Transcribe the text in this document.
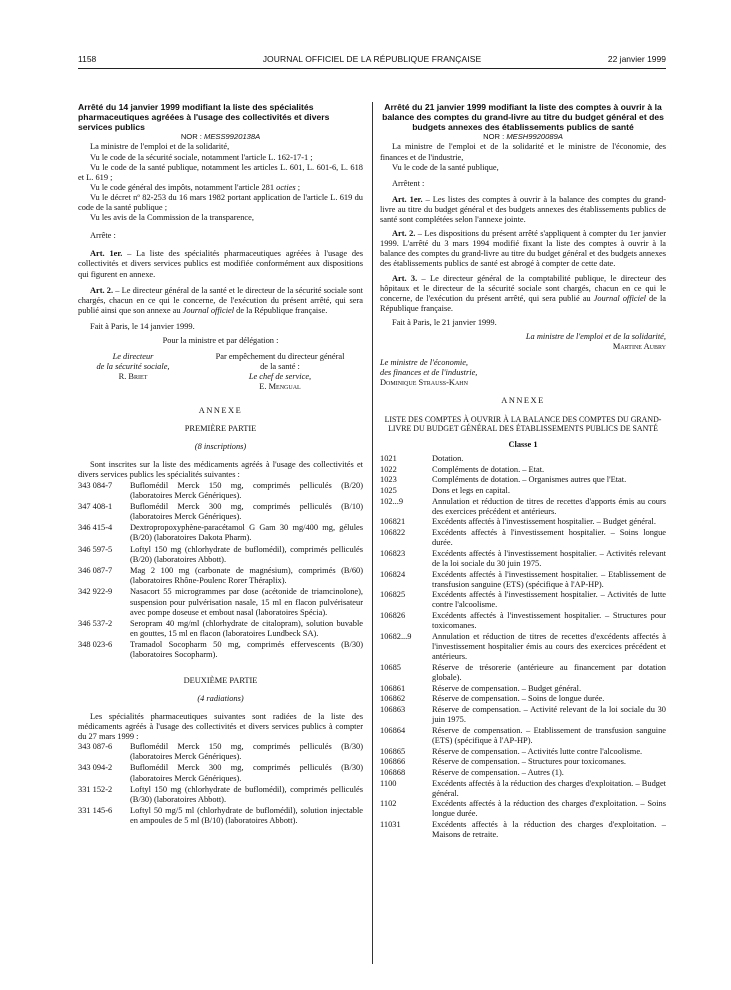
1158	JOURNAL OFFICIEL DE LA RÉPUBLIQUE FRANÇAISE	22 janvier 1999

Arrêté du 14 janvier 1999 modifiant la liste des spécialités pharmaceutiques agréées à l'usage des collectivités et divers services publics

NOR : MESS9920138A

La ministre de l'emploi et de la solidarité,

Vu le code de la sécurité sociale, notamment l'article L. 162-17-1 ;

Vu le code de la santé publique, notamment les articles L. 601, L. 601-6, L. 618 et L. 619 ;

Vu le code général des impôts, notamment l'article 281 octies ;

Vu le décret nº 82-253 du 16 mars 1982 portant application de l'article L. 619 du code de la santé publique ;

Vu les avis de la Commission de la transparence,

Arrête :

Art. 1er. – La liste des spécialités pharmaceutiques agréées à l'usage des collectivités et divers services publics est modifiée conformément aux dispositions qui figurent en annexe.

Art. 2. – Le directeur général de la santé et le directeur de la sécurité sociale sont chargés, chacun en ce qui le concerne, de l'exécution du présent arrêté, qui sera publié ainsi que son annexe au Journal officiel de la République française.

Fait à Paris, le 14 janvier 1999.

Pour la ministre et par délégation :

Le directeur
de la sécurité sociale,
R. Briet
Par empêchement du directeur général
de la santé :
Le chef de service,
E. Mengual

ANNEXE

PREMIÈRE PARTIE

(8 inscriptions)

Sont inscrites sur la liste des médicaments agréés à l'usage des collectivités et divers services publics les spécialités suivantes :

343 084-7	Buflomédil Merck 150 mg, comprimés pelliculés (B/20) (laboratoires Merck Génériques).
347 408-1	Buflomédil Merck 300 mg, comprimés pelliculés (B/10) (laboratoires Merck Génériques).
346 415-4	Dextropropoxyphène-paracétamol G Gam 30 mg/400 mg, gélules (B/20) (laboratoires Dakota Pharm).
346 597-5	Loftyl 150 mg (chlorhydrate de buflomédil), comprimés pelliculés (B/20) (laboratoires Abbott).
346 087-7	Mag 2 100 mg (carbonate de magnésium), comprimés (B/60) (laboratoires Rhône-Poulenc Rorer Théraplix).
342 922-9	Nasacort 55 microgrammes par dose (acétonide de triamcinolone), suspension pour pulvérisation nasale, 15 ml en flacon pulvérisateur avec pompe doseuse et embout nasal (laboratoires Spécia).
346 537-2	Seropram 40 mg/ml (chlorhydrate de citalopram), solution buvable en gouttes, 15 ml en flacon (laboratoires Lundbeck SA).
348 023-6	Tramadol Socopharm 50 mg, comprimés effervescents (B/30) (laboratoires Socopharm).

DEUXIÈME PARTIE

(4 radiations)

Les spécialités pharmaceutiques suivantes sont radiées de la liste des médicaments agréés à l'usage des collectivités et divers services publics à compter du 27 mars 1999 :

343 087-6	Buflomédil Merck 150 mg, comprimés pelliculés (B/30) (laboratoires Merck Génériques).
343 094-2	Buflomédil Merck 300 mg, comprimés pelliculés (B/30) (laboratoires Merck Génériques).
331 152-2	Loftyl 150 mg (chlorhydrate de buflomédil), comprimés pelliculés (B/30) (laboratoires Abbott).
331 145-6	Loftyl 50 mg/5 ml (chlorhydrate de buflomédil), solution injectable en ampoules de 5 ml (B/10) (laboratoires Abbott).

Arrêté du 21 janvier 1999 modifiant la liste des comptes à ouvrir à la balance des comptes du grand-livre au titre du budget général et des budgets annexes des établissements publics de santé

NOR : MESH9920089A

La ministre de l'emploi et de la solidarité et le ministre de l'économie, des finances et de l'industrie,

Vu le code de la santé publique,

Arrêtent :

Art. 1er. – Les listes des comptes à ouvrir à la balance des comptes du grand-livre au titre du budget général et des budgets annexes des établissements publics de santé sont complétées selon l'annexe jointe.

Art. 2. – Les dispositions du présent arrêté s'appliquent à compter du 1er janvier 1999. L'arrêté du 3 mars 1994 modifié fixant la liste des comptes à ouvrir à la balance des comptes du grand-livre au titre du budget général et des budgets annexes des établissements publics de santé est abrogé à compter de cette date.

Art. 3. – Le directeur général de la comptabilité publique, le directeur des hôpitaux et le directeur de la sécurité sociale sont chargés, chacun en ce qui le concerne, de l'exécution du présent arrêté, qui sera publié au Journal officiel de la République française.

Fait à Paris, le 21 janvier 1999.

La ministre de l'emploi et de la solidarité,

Martine Aubry

Le ministre de l'économie,

des finances et de l'industrie,

Dominique Strauss-Kahn

ANNEXE

LISTE DES COMPTES À OUVRIR À LA BALANCE DES COMPTES DU GRAND-LIVRE DU BUDGET GÉNÉRAL DES ÉTABLISSEMENTS PUBLICS DE SANTÉ

Classe 1

1021	Dotation.
1022	Compléments de dotation. – Etat.
1023	Compléments de dotation. – Organismes autres que l'Etat.
1025	Dons et legs en capital.
102...9	Annulation et réduction de titres de recettes d'apports émis au cours des exercices précédent et antérieurs.
106821	Excédents affectés à l'investissement hospitalier. – Budget général.
106822	Excédents affectés à l'investissement hospitalier. – Soins longue durée.
106823	Excédents affectés à l'investissement hospitalier. – Activités relevant de la loi sociale du 30 juin 1975.
106824	Excédents affectés à l'investissement hospitalier. – Etablissement de transfusion sanguine (ETS) (spécifique à l'AP-HP).
106825	Excédents affectés à l'investissement hospitalier. – Activités de lutte contre l'alcoolisme.
106826	Excédents affectés à l'investissement hospitalier. – Structures pour toxicomanes.
10682...9	Annulation et réduction de titres de recettes d'excédents affectés à l'investissement hospitalier émis au cours des exercices précédent et antérieurs.
10685	Réserve de trésorerie (antérieure au financement par dotation globale).
106861	Réserve de compensation. – Budget général.
106862	Réserve de compensation. – Soins de longue durée.
106863	Réserve de compensation. – Activité relevant de la loi sociale du 30 juin 1975.
106864	Réserve de compensation. – Etablissement de transfusion sanguine (ETS) (spécifique à l'AP-HP).
106865	Réserve de compensation. – Activités lutte contre l'alcoolisme.
106866	Réserve de compensation. – Structures pour toxicomanes.
106868	Réserve de compensation. – Autres (1).
1100	Excédents affectés à la réduction des charges d'exploitation. – Budget général.
1102	Excédents affectés à la réduction des charges d'exploitation. – Soins longue durée.
11031	Excédents affectés à la réduction des charges d'exploitation. – Maisons de retraite.
